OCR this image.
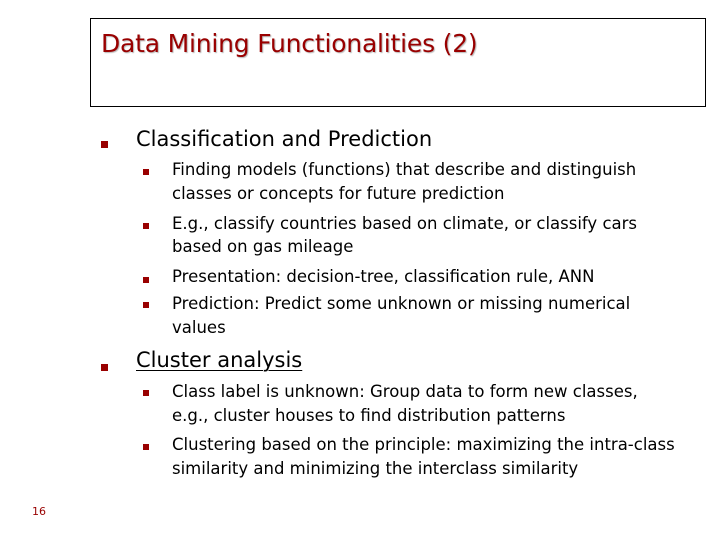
Data Mining Functionalities (2)
Classification and Prediction
Finding models (functions) that describe and distinguish
classes or concepts for future prediction
E.g., classify countries based on climate, or classify cars
based on gas mileage
Presentation: decision-tree, classification rule, ANN
Prediction: Predict some unknown or missing numerical
values
Cluster analysis
Class label is unknown: Group data to form new classes,
e.g., cluster houses to find distribution patterns
Clustering based on the principle: maximizing the intra-class
similarity and minimizing the interclass similarity
16
